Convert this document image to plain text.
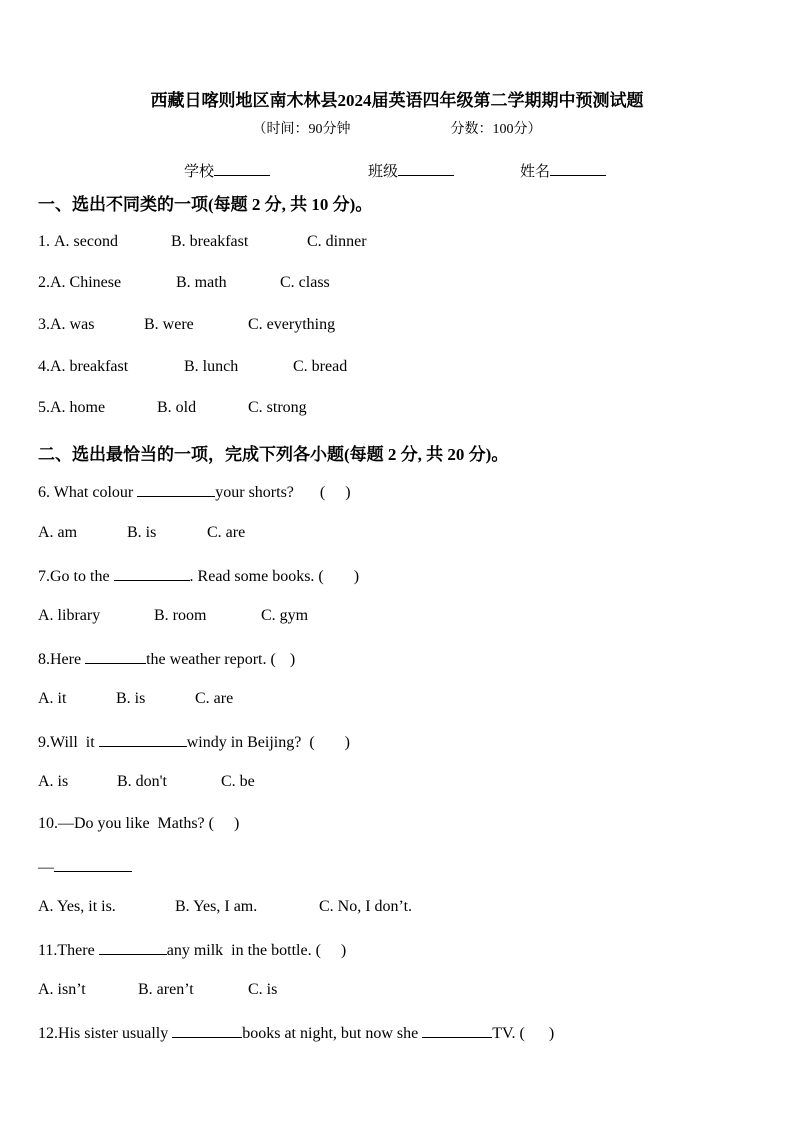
西藏日喀则地区南木林县2024届英语四年级第二学期期中预测试题
（时间：90分钟	分数：100分）
学校	班级	姓名
一、选出不同类的一项(每题 2 分, 共 10 分)。
1. A. second	B. breakfast	C. dinner
2.A. Chinese	B. math	C. class
3.A. was	B. were	C. everything
4.A. breakfast	B. lunch	C. bread
5.A. home	B. old	C. strong
二、选出最恰当的一项，完成下列各小题(每题 2 分, 共 20 分)。
6. What colour	your shorts? (     )
A. am	B. is	C. are
7.Go to the	. Read some books. ( )
A. library	B. room	C. gym
8.Here	the weather report. ( )
A. it	B. is	C. are
9.Will  it	windy in Beijing?  ( )
A. is	B. don't	C. be
10.—Do you like  Maths? ( )
—
A. Yes, it is.	B. Yes, I am.	C. No, I don’t.
11.There	any milk  in the bottle. ( )
A. isn’t	B. aren’t	C. is
12.His sister usually	books at night, but now she	TV. ( )
